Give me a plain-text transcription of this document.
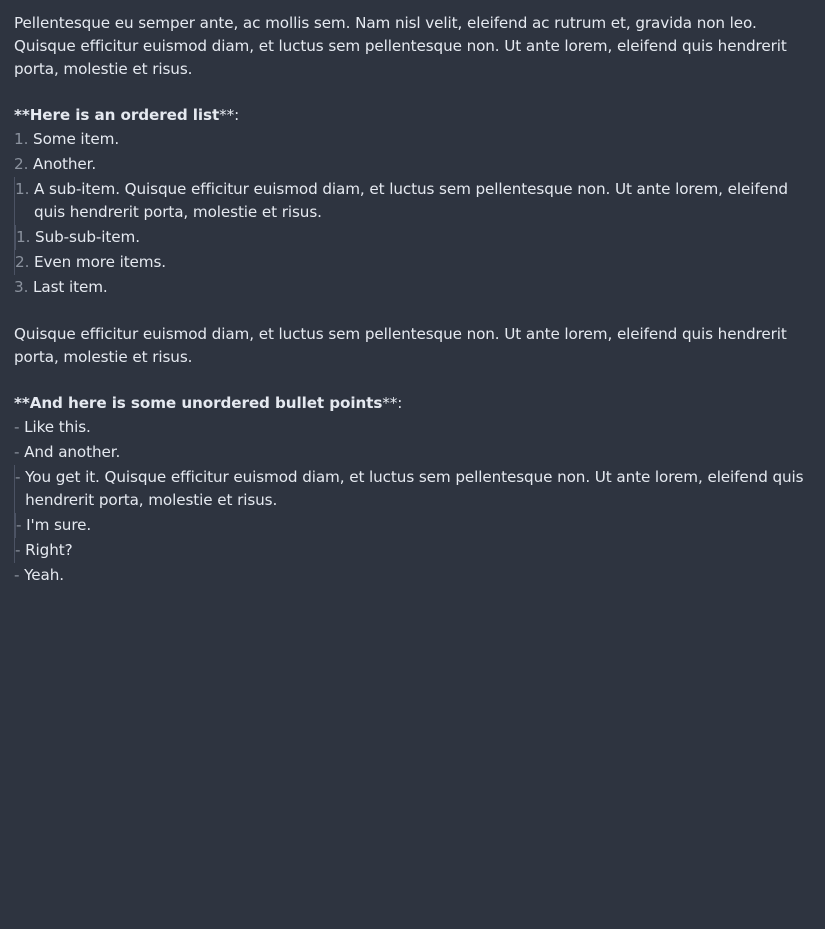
Pellentesque eu semper ante, ac mollis sem. Nam nisl velit, eleifend ac rutrum et, gravida non leo. Quisque efficitur euismod diam, et luctus sem pellentesque non. Ut ante lorem, eleifend quis hendrerit porta, molestie et risus.

**Here is an ordered list**:

1. Some item.
2. Another.
1. A sub-item. Quisque efficitur euismod diam, et luctus sem pellentesque non. Ut ante lorem, eleifend quis hendrerit porta, molestie et risus.
1. Sub-sub-item.
2. Even more items.
3. Last item.

Quisque efficitur euismod diam, et luctus sem pellentesque non. Ut ante lorem, eleifend quis hendrerit porta, molestie et risus.

**And here is some unordered bullet points**:

- Like this.
- And another.
- You get it. Quisque efficitur euismod diam, et luctus sem pellentesque non. Ut ante lorem, eleifend quis hendrerit porta, molestie et risus.
- I'm sure.
- Right?
- Yeah.
